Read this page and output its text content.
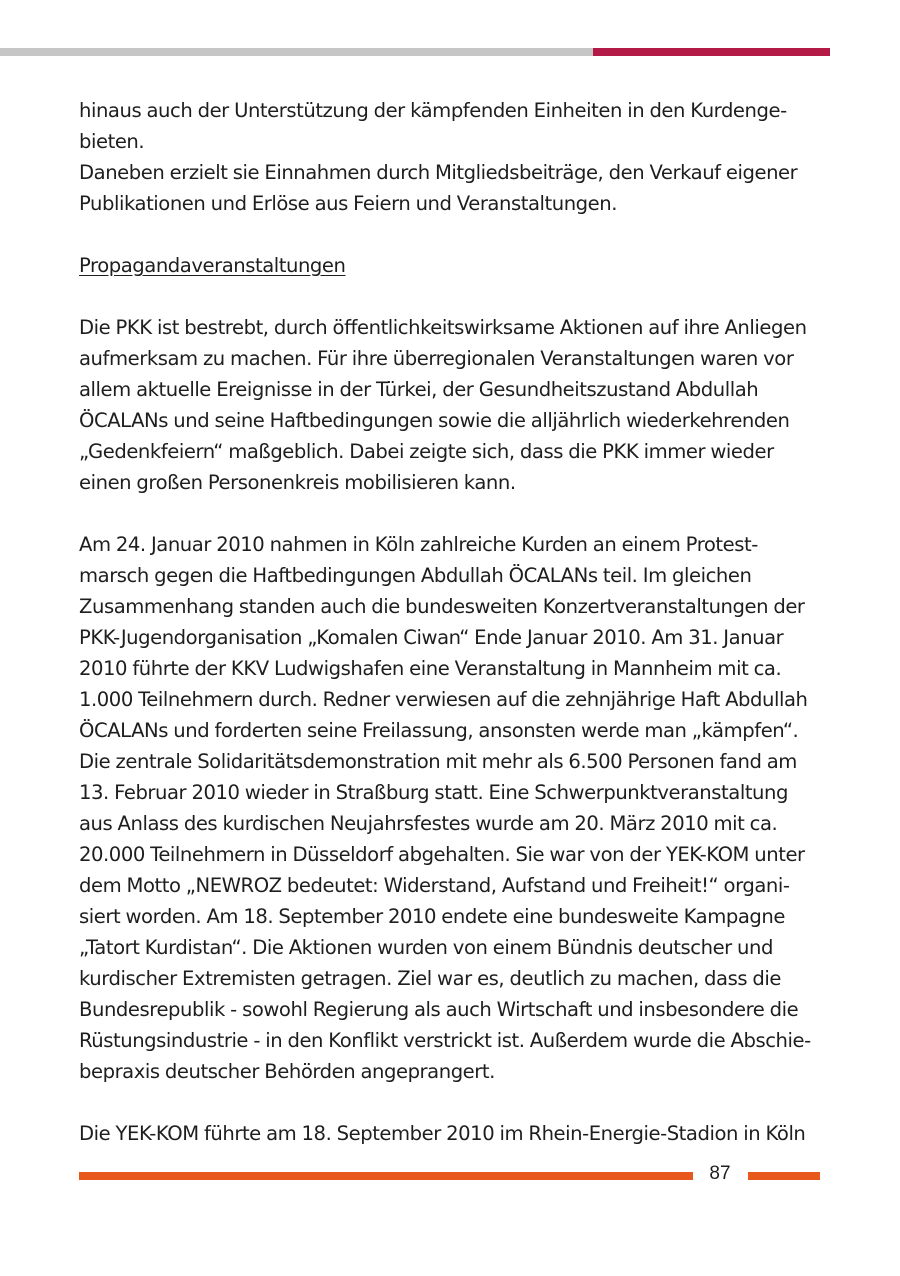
hinaus auch der Unterstützung der kämpfenden Einheiten in den Kurdenge-
bieten.
Daneben erzielt sie Einnahmen durch Mitgliedsbeiträge, den Verkauf eigener
Publikationen und Erlöse aus Feiern und Veranstaltungen.
Propagandaveranstaltungen
Die PKK ist bestrebt, durch öffentlichkeitswirksame Aktionen auf ihre Anliegen
aufmerksam zu machen. Für ihre überregionalen Veranstaltungen waren vor
allem aktuelle Ereignisse in der Türkei, der Gesundheitszustand Abdullah
ÖCALANs und seine Haftbedingungen sowie die alljährlich wiederkehrenden
„Gedenkfeiern“ maßgeblich. Dabei zeigte sich, dass die PKK immer wieder
einen großen Personenkreis mobilisieren kann.
Am 24. Januar 2010 nahmen in Köln zahlreiche Kurden an einem Protest-
marsch gegen die Haftbedingungen Abdullah ÖCALANs teil. Im gleichen
Zusammenhang standen auch die bundesweiten Konzertveranstaltungen der
PKK-Jugendorganisation „Komalen Ciwan“ Ende Januar 2010. Am 31. Januar
2010 führte der KKV Ludwigshafen eine Veranstaltung in Mannheim mit ca.
1.000 Teilnehmern durch. Redner verwiesen auf die zehnjährige Haft Abdullah
ÖCALANs und forderten seine Freilassung, ansonsten werde man „kämpfen“.
Die zentrale Solidaritätsdemonstration mit mehr als 6.500 Personen fand am
13. Februar 2010 wieder in Straßburg statt. Eine Schwerpunktveranstaltung
aus Anlass des kurdischen Neujahrsfestes wurde am 20. März 2010 mit ca.
20.000 Teilnehmern in Düsseldorf abgehalten. Sie war von der YEK-KOM unter
dem Motto „NEWROZ bedeutet: Widerstand, Aufstand und Freiheit!“ organi-
siert worden. Am 18. September 2010 endete eine bundesweite Kampagne
„Tatort Kurdistan“. Die Aktionen wurden von einem Bündnis deutscher und
kurdischer Extremisten getragen. Ziel war es, deutlich zu machen, dass die
Bundesrepublik - sowohl Regierung als auch Wirtschaft und insbesondere die
Rüstungsindustrie - in den Konflikt verstrickt ist. Außerdem wurde die Abschie-
bepraxis deutscher Behörden angeprangert.
Die YEK-KOM führte am 18. September 2010 im Rhein-Energie-Stadion in Köln
87
